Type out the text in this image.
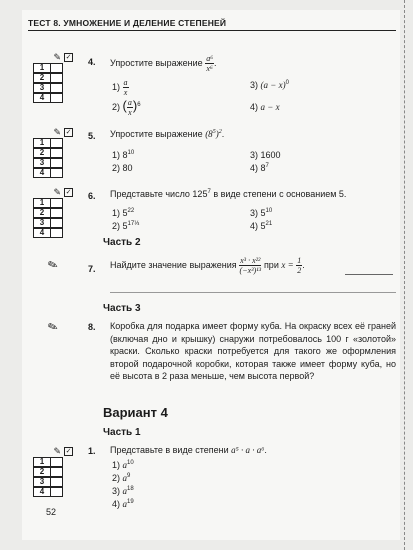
ТЕСТ 8. УМНОЖЕНИЕ И ДЕЛЕНИЕ СТЕПЕНЕЙ
✎ ✓
1
2
3
4
4. Упростите выражение $\frac{\text{a⁶}}{\text{x⁶}}$ .
$1) \frac{a}{x}$	3) $(a - x)^0$
2) ( $\frac{a}{x} )^6$	4) a − x
✎ ✓
1
2
3
4
5. Упростите выражение $(8^5)^2$.
1) $8^{10}$	3) 1600
2) 80	4) $8^7$
✎ ✓
1
2
3
4
6. Представьте число $125^7$ в виде степени с основанием 5.
1) $5^{22}$	3) $5^{10}$
2) $5^{17\frac{1}{3}}$	4) $5^{21}$
Часть 2
✎	7. Найдите значение выражения $\frac{\text{x³ · x²²}}{\text{(−x³)¹³}}$ при $x = \frac{1}{2}$ .
Часть 3
✎	8. Коробка для подарка имеет форму куба. На окраску всех её граней (включая дно и крышку) снаружи потребовалось 100 г «золотой» краски. Сколько краски потребуется для такого же оформления второй подарочной коробки, которая также имеет форму куба, но её высота в 2 раза меньше, чем высота первой?
Вариант 4
Часть 1
✎ ✓
1
2
3
4
1. Представьте в виде степени a⁵ · a · a⁶.
1) $a^{10}$
2) $a^9$
3) $a^{18}$
4) $a^{19}$
52
